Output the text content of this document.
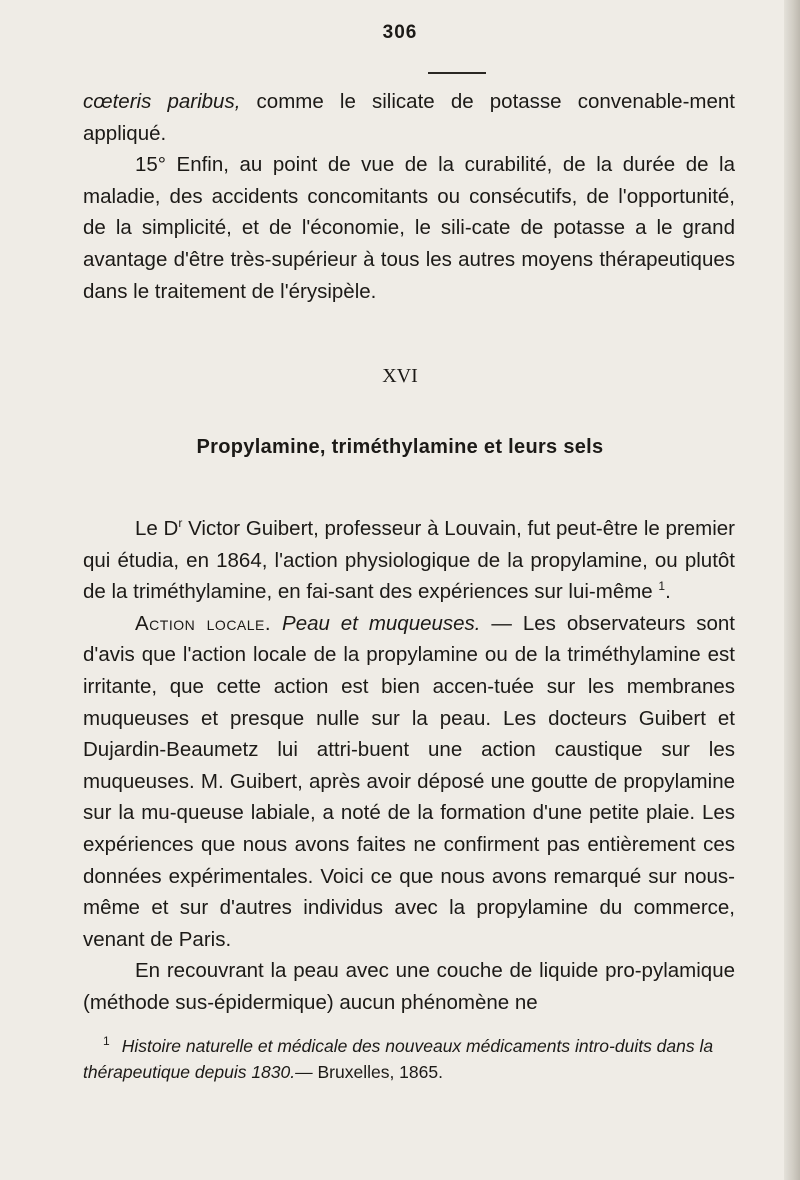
306

cœteris paribus, comme le silicate de potasse convenable-ment appliqué.

15° Enfin, au point de vue de la curabilité, de la durée de la maladie, des accidents concomitants ou consécutifs, de l'opportunité, de la simplicité, et de l'économie, le sili-cate de potasse a le grand avantage d'être très-supérieur à tous les autres moyens thérapeutiques dans le traitement de l'érysipèle.

XVI
Propylamine, triméthylamine et leurs sels

Le $D^r$ Victor Guibert, professeur à Louvain, fut peut-être le premier qui étudia, en 1864, l'action physiologique de la propylamine, ou plutôt de la triméthylamine, en fai-sant des expériences sur lui-même $^1$.

Action locale. Peau et muqueuses. — Les observateurs sont d'avis que l'action locale de la propylamine ou de la triméthylamine est irritante, que cette action est bien accen-tuée sur les membranes muqueuses et presque nulle sur la peau. Les docteurs Guibert et Dujardin-Beaumetz lui attri-buent une action caustique sur les muqueuses. M. Guibert, après avoir déposé une goutte de propylamine sur la mu-queuse labiale, a noté de la formation d'une petite plaie. Les expériences que nous avons faites ne confirment pas entièrement ces données expérimentales. Voici ce que nous avons remarqué sur nous-même et sur d'autres individus avec la propylamine du commerce, venant de Paris.

En recouvrant la peau avec une couche de liquide pro-pylamique (méthode sus-épidermique) aucun phénomène ne

$^1$ Histoire naturelle et médicale des nouveaux médicaments intro-duits dans la thérapeutique depuis 1830.— Bruxelles, 1865.
